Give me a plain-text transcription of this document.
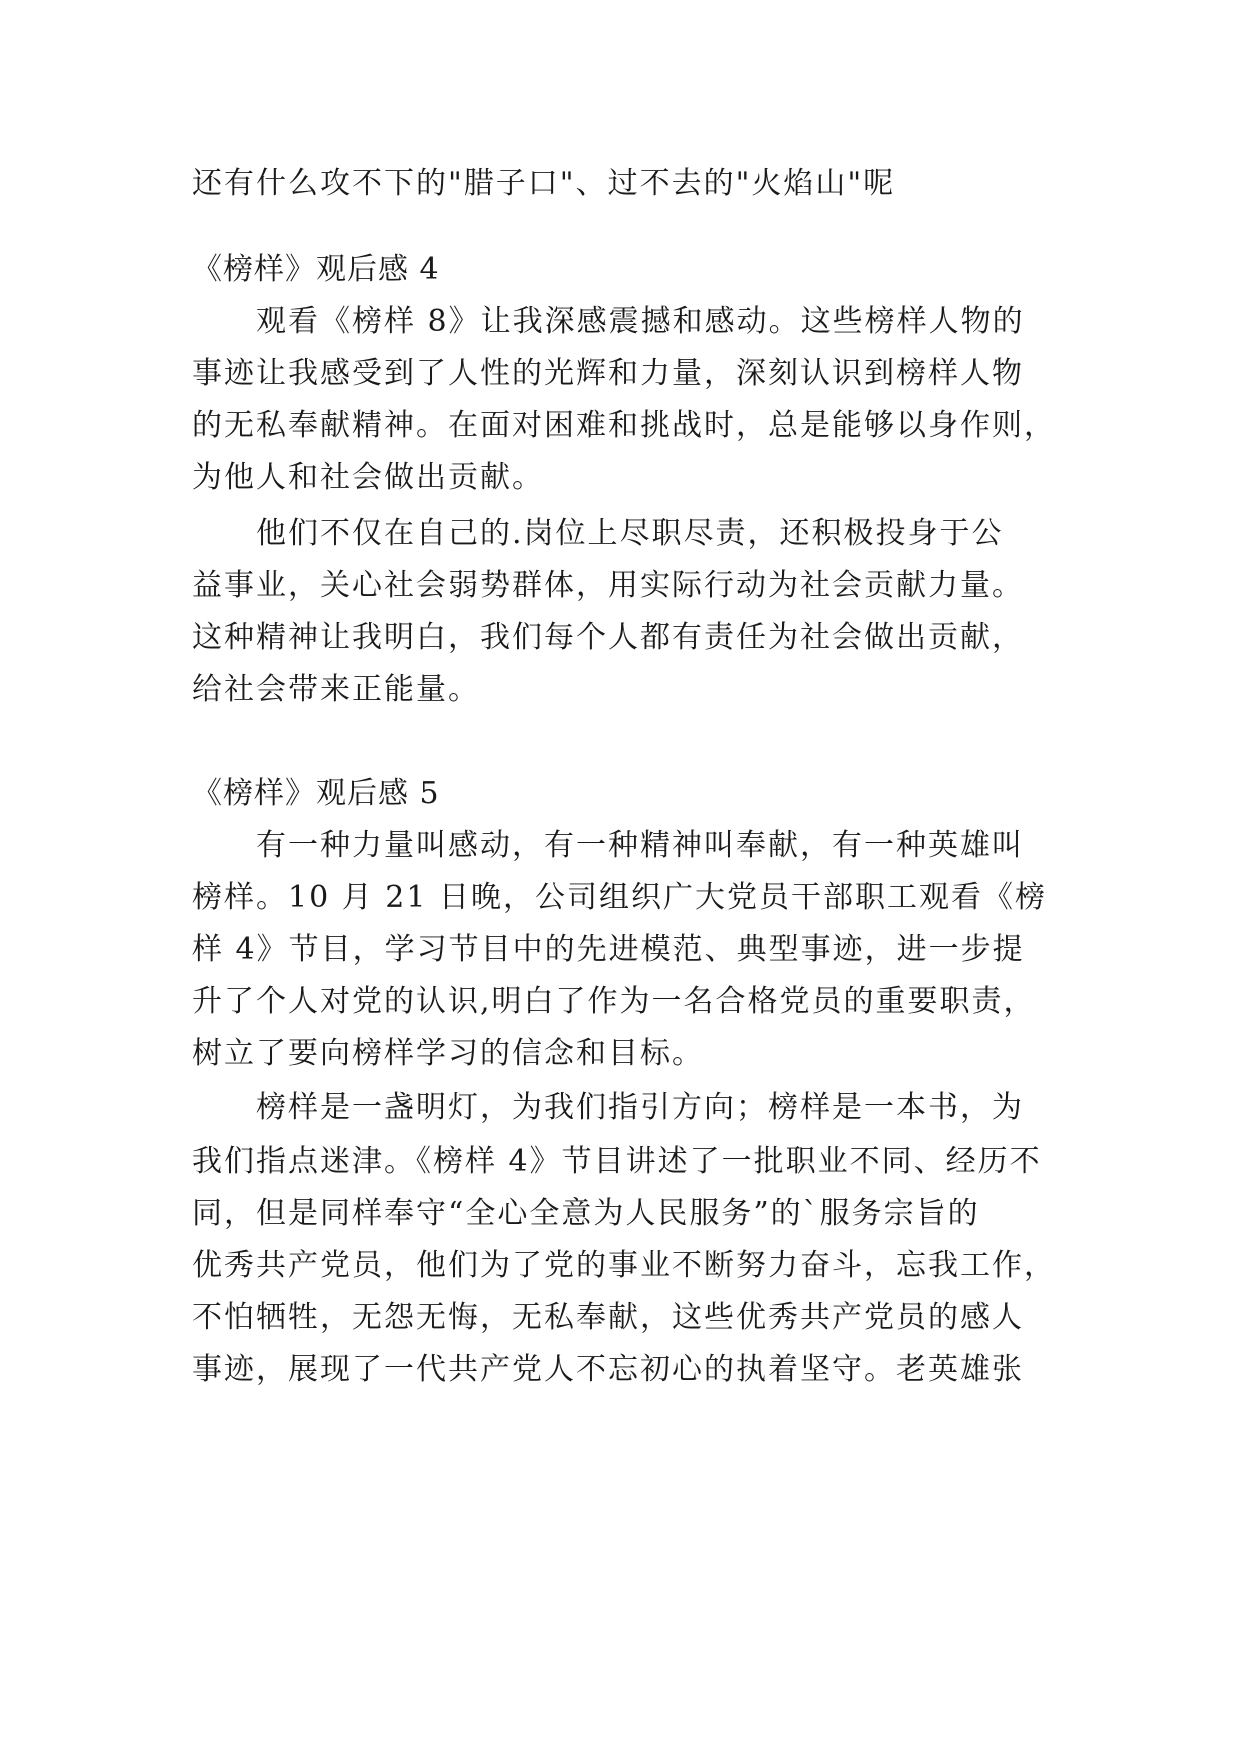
还有什么攻不下的"腊子口"、过不去的"火焰山"呢
《榜样》观后感 4
观看《榜样 8》让我深感震撼和感动。这些榜样人物的
事迹让我感受到了人性的光辉和力量，深刻认识到榜样人物
的无私奉献精神。在面对困难和挑战时，总是能够以身作则，
为他人和社会做出贡献。
他们不仅在自己的.岗位上尽职尽责，还积极投身于公
益事业，关心社会弱势群体，用实际行动为社会贡献力量。
这种精神让我明白，我们每个人都有责任为社会做出贡献，
给社会带来正能量。
《榜样》观后感 5
有一种力量叫感动，有一种精神叫奉献，有一种英雄叫
榜样。10 月 21 日晚，公司组织广大党员干部职工观看《榜
样 4》节目，学习节目中的先进模范、典型事迹，进一步提
升了个人对党的认识,明白了作为一名合格党员的重要职责，
树立了要向榜样学习的信念和目标。
榜样是一盏明灯，为我们指引方向；榜样是一本书，为
我们指点迷津。《榜样 4》节目讲述了一批职业不同、经历不
同，但是同样奉守“全心全意为人民服务”的`服务宗旨的
优秀共产党员，他们为了党的事业不断努力奋斗，忘我工作，
不怕牺牲，无怨无悔，无私奉献，这些优秀共产党员的感人
事迹，展现了一代共产党人不忘初心的执着坚守。老英雄张
